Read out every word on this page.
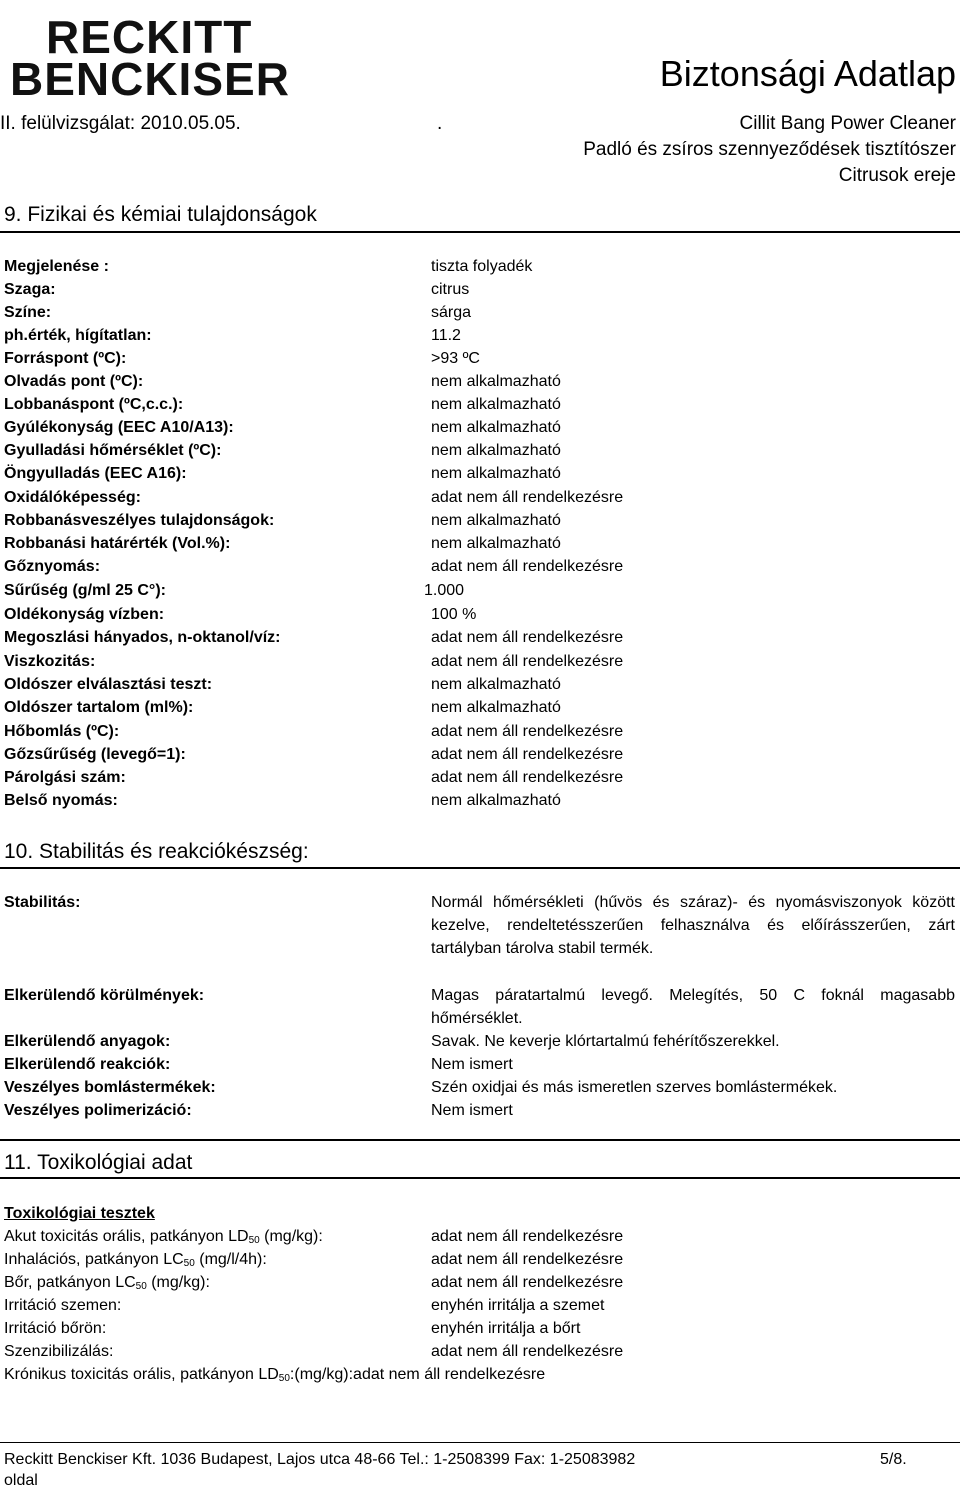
RECKITT
BENCKISER	Biztonsági Adatlap
II. felülvizsgálat: 2010.05.05.	.	Cillit Bang Power Cleaner
Padló és zsíros szennyeződések tisztítószer
Citrusok ereje
9. Fizikai és kémiai tulajdonságok
Megjelenése :	tiszta folyadék
Szaga:	citrus
Színe:	sárga
ph.érték, hígítatlan:	11.2
Forráspont (ºC):	>93 ºC
Olvadás pont (ºC):	nem alkalmazható
Lobbanáspont (ºC,c.c.):	nem alkalmazható
Gyúlékonyság (EEC A10/A13):	nem alkalmazható
Gyulladási hőmérséklet (ºC):	nem alkalmazható
Öngyulladás (EEC A16):	nem alkalmazható
Oxidálóképesség:	adat nem áll rendelkezésre
Robbanásveszélyes tulajdonságok:	nem alkalmazható
Robbanási határérték (Vol.%):	nem alkalmazható
Gőznyomás:	adat nem áll rendelkezésre
Sűrűség (g/ml 25 C°):	1.000
Oldékonyság vízben:	100 %
Megoszlási hányados, n-oktanol/víz:	adat nem áll rendelkezésre
Viszkozitás:	adat nem áll rendelkezésre
Oldószer elválasztási teszt:	nem alkalmazható
Oldószer tartalom (ml%):	nem alkalmazható
Hőbomlás (ºC):	adat nem áll rendelkezésre
Gőzsűrűség (levegő=1):	adat nem áll rendelkezésre
Párolgási szám:	adat nem áll rendelkezésre
Belső nyomás:	nem alkalmazható
10. Stabilitás és reakciókészség:
Stabilitás:	Normál hőmérsékleti (hűvös és száraz)- és nyomásviszonyok között kezelve, rendeltetésszerűen felhasználva és előírásszerűen, zárt tartályban tárolva stabil termék.
Elkerülendő körülmények:	Magas páratartalmú levegő. Melegítés, 50 C foknál magasabb hőmérséklet.
Elkerülendő anyagok:	Savak. Ne keverje klórtartalmú fehérítőszerekkel.
Elkerülendő reakciók:	Nem ismert
Veszélyes bomlástermékek:	Szén oxidjai és más ismeretlen szerves bomlástermékek.
Veszélyes polimerizáció:	Nem ismert
11. Toxikológiai adat
Toxikológiai tesztek
Akut toxicitás orális, patkányon $LD_{50}$ (mg/kg):	adat nem áll rendelkezésre
Inhalációs, patkányon $LC_{50}$ (mg/l/4h):	adat nem áll rendelkezésre
Bőr, patkányon $LC_{50}$ (mg/kg):	adat nem áll rendelkezésre
Irritáció szemen:	enyhén irritálja a szemet
Irritáció bőrön:	enyhén irritálja a bőrt
Szenzibilizálás:	adat nem áll rendelkezésre
Krónikus toxicitás orális, patkányon $LD_{50}:(mg/kg):adat$ nem áll rendelkezésre
Reckitt Benckiser Kft. 1036 Budapest, Lajos utca 48-66 Tel.: 1-2508399 Fax: 1-25083982	5/8.
oldal
